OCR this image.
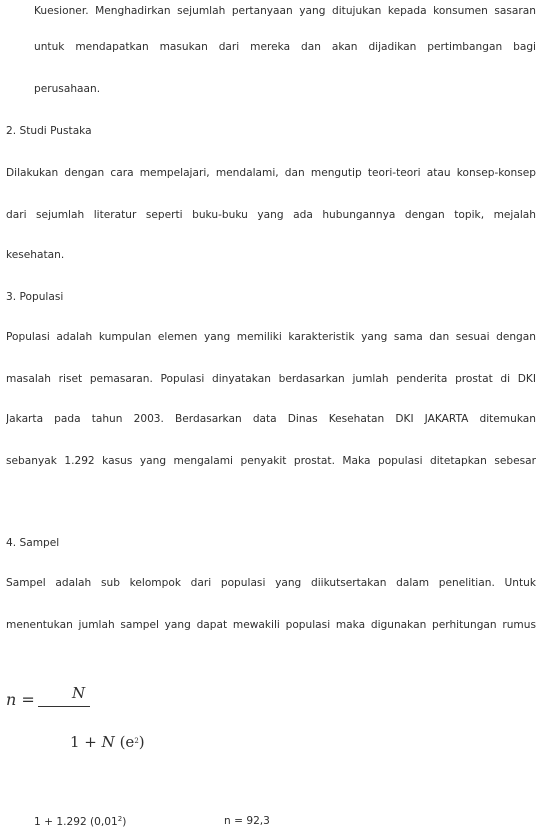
Kuesioner. Menghadirkan sejumlah pertanyaan yang ditujukan kepada konsumen sasaran

untuk mendapatkan masukan dari mereka dan akan dijadikan pertimbangan bagi

perusahaan.

2. Studi Pustaka

Dilakukan dengan cara mempelajari, mendalami, dan mengutip teori-teori atau konsep-konsep

dari sejumlah literatur seperti buku-buku yang ada hubungannya dengan topik, mejalah

kesehatan.

3. Populasi

Populasi adalah kumpulan elemen yang memiliki karakteristik yang sama dan sesuai dengan

masalah riset pemasaran. Populasi dinyatakan berdasarkan jumlah penderita prostat di DKI

Jakarta pada tahun 2003. Berdasarkan data Dinas Kesehatan DKI JAKARTA ditemukan

sebanyak 1.292 kasus yang mengalami penyakit prostat. Maka populasi ditetapkan sebesar

4. Sampel

Sampel adalah sub kelompok dari populasi yang diikutsertakan dalam penelitian. Untuk

menentukan jumlah sampel yang dapat mewakili populasi maka digunakan perhitungan rumus

n = N
1 + N $(e^2)$
1 + 1.292 (0,01$^2$)	n = 92,3
